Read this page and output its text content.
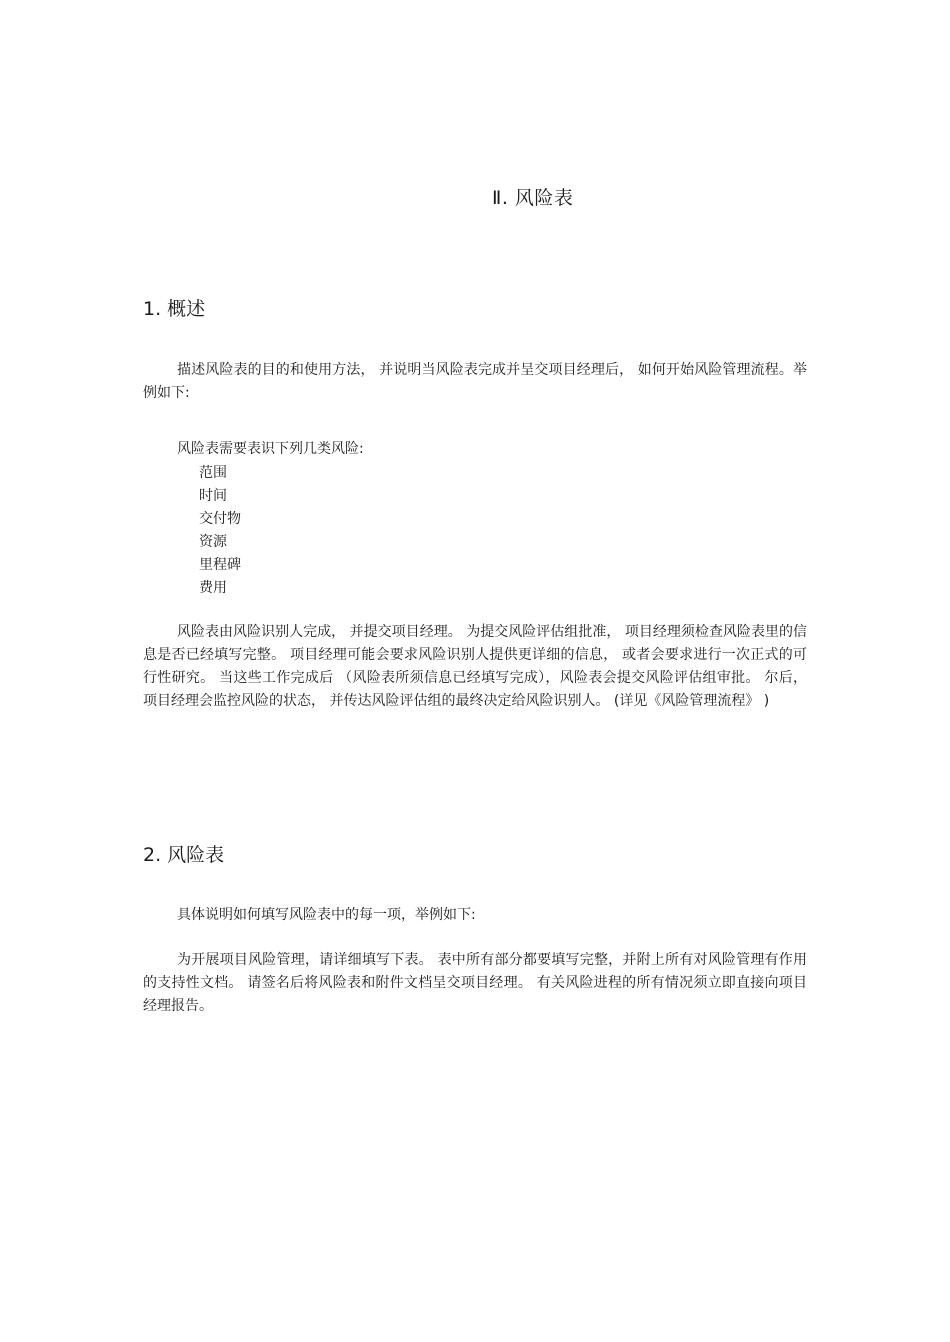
Ⅱ. 风险表
1. 概述

描述风险表的目的和使用方法， 并说明当风险表完成并呈交项目经理后， 如何开始风险管理流程。举例如下:

风险表需要表识下列几类风险:
范围
时间
交付物
资源
里程碑
费用

风险表由风险识别人完成， 并提交项目经理。 为提交风险评估组批准， 项目经理须检查风险表里的信息是否已经填写完整。 项目经理可能会要求风险识别人提供更详细的信息， 或者会要求进行一次正式的可行性研究。 当这些工作完成后 （风险表所须信息已经填写完成），风险表会提交风险评估组审批。 尔后，项目经理会监控风险的状态， 并传达风险评估组的最终决定给风险识别人。 (详见《风险管理流程》 )

2. 风险表

具体说明如何填写风险表中的每一项，举例如下:

为开展项目风险管理，请详细填写下表。 表中所有部分都要填写完整，并附上所有对风险管理有作用的支持性文档。 请签名后将风险表和附件文档呈交项目经理。 有关风险进程的所有情况须立即直接向项目经理报告。
